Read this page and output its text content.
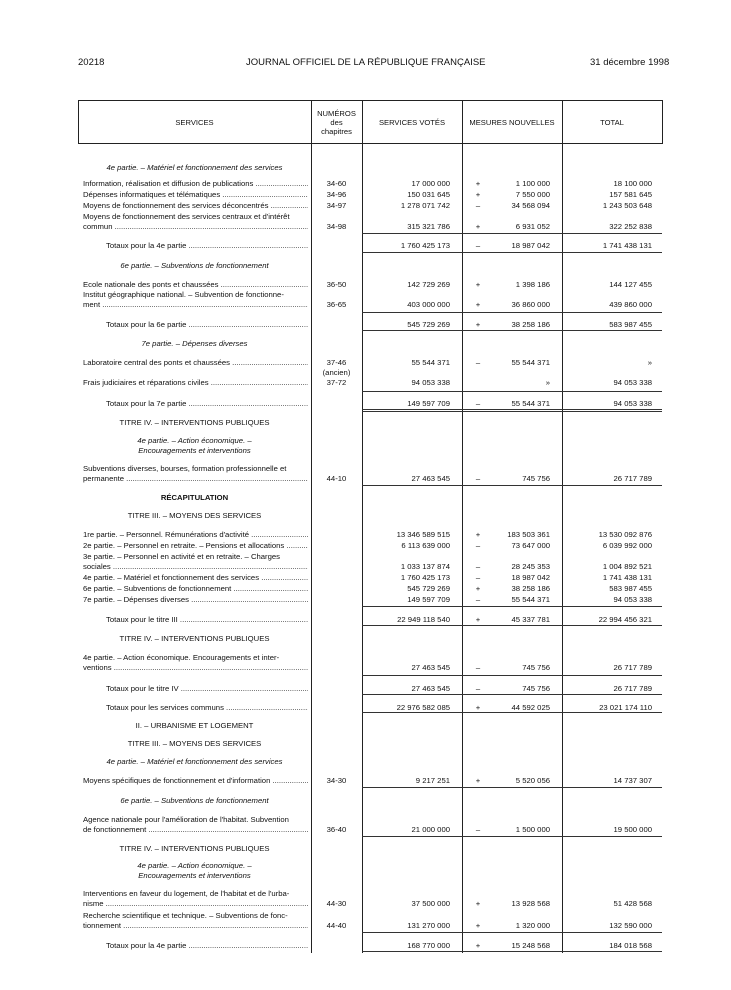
20218	JOURNAL OFFICIEL DE LA RÉPUBLIQUE FRANÇAISE	31 décembre 1998
SERVICES
NUMÉROS
des
chapitres
SERVICES VOTÉS	MESURES NOUVELLES	TOTAL
4e partie. – Matériel et fonctionnement des services
Information, réalisation et diffusion de publications .....	34-60	17 000 000	+	1 100 000	18 100 000
Dépenses informatiques et télématiques .....	34-96	150 031 645	+	7 550 000	157 581 645
Moyens de fonctionnement des services déconcentrés .....	34-97	1 278 071 742	–	34 568 094	1 243 503 648
Moyens de fonctionnement des services centraux et d'intérêt
commun .....	34-98	315 321 786	+	6 931 052	322 252 838
Totaux pour la 4e partie .....	1 760 425 173	–	18 987 042	1 741 438 131
6e partie. – Subventions de fonctionnement
Ecole nationale des ponts et chaussées .....	36-50	142 729 269	+	1 398 186	144 127 455
Institut géographique national. – Subvention de fonctionne-
ment .....	36-65	403 000 000	+	36 860 000	439 860 000
Totaux pour la 6e partie .....	545 729 269	+	38 258 186	583 987 455
7e partie. – Dépenses diverses
Laboratoire central des ponts et chaussées .....	37-46	55 544 371	–	55 544 371	»
(ancien)
Frais judiciaires et réparations civiles .....	37-72	94 053 338	»	94 053 338
Totaux pour la 7e partie .....	149 597 709	–	55 544 371	94 053 338
TITRE IV. – INTERVENTIONS PUBLIQUES
4e partie. – Action économique. –
Encouragements et interventions
Subventions diverses, bourses, formation professionnelle et
permanente .....	44-10	27 463 545	–	745 756	26 717 789
RÉCAPITULATION
TITRE III. – MOYENS DES SERVICES
1re partie. – Personnel. Rémunérations d'activité .....	13 346 589 515	+	183 503 361	13 530 092 876
2e partie. – Personnel en retraite. – Pensions et allocations .....	6 113 639 000	–	73 647 000	6 039 992 000
3e partie. – Personnel en activité et en retraite. – Charges
sociales .....	1 033 137 874	–	28 245 353	1 004 892 521
4e partie. – Matériel et fonctionnement des services .....	1 760 425 173	–	18 987 042	1 741 438 131
6e partie. – Subventions de fonctionnement .....	545 729 269	+	38 258 186	583 987 455
7e partie. – Dépenses diverses .....	149 597 709	–	55 544 371	94 053 338
Totaux pour le titre III .....	22 949 118 540	+	45 337 781	22 994 456 321
TITRE IV. – INTERVENTIONS PUBLIQUES
4e partie. – Action économique. Encouragements et inter-
ventions .....	27 463 545	–	745 756	26 717 789
Totaux pour le titre IV .....	27 463 545	–	745 756	26 717 789
Totaux pour les services communs .....	22 976 582 085	+	44 592 025	23 021 174 110
II. – URBANISME ET LOGEMENT
TITRE III. – MOYENS DES SERVICES
4e partie. – Matériel et fonctionnement des services
Moyens spécifiques de fonctionnement et d'information .....	34-30	9 217 251	+	5 520 056	14 737 307
6e partie. – Subventions de fonctionnement
Agence nationale pour l'amélioration de l'habitat. Subvention
de fonctionnement .....	36-40	21 000 000	–	1 500 000	19 500 000
TITRE IV. – INTERVENTIONS PUBLIQUES
4e partie. – Action économique. –
Encouragements et interventions
Interventions en faveur du logement, de l'habitat et de l'urba-
nisme .....	44-30	37 500 000	+	13 928 568	51 428 568
Recherche scientifique et technique. – Subventions de fonc-
tionnement .....	44-40	131 270 000	+	1 320 000	132 590 000
Totaux pour la 4e partie .....	168 770 000	+	15 248 568	184 018 568
